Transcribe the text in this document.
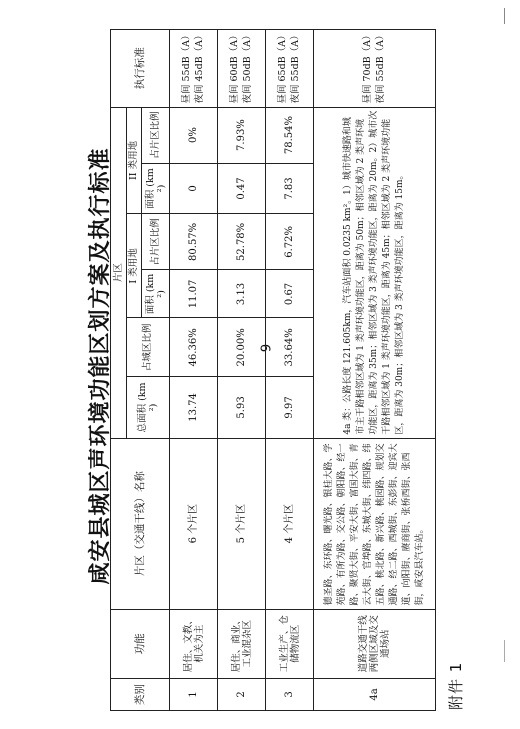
－ 6 －
附件 1
咸安县城区声环境功能区划方案及执行标准
类别	功能	片区（交通干线）名称	片区						执行标准
			总面积 (km²)	占城区比例	I 类用地		II 类用地		
					面积 (km²)	占片区比例	面积 (km²)	占片区比例	
1	居住、文教、机关为主	6 个片区	13.74	46.36%	11.07	80.57%	0	0%	昼间 55dB（A）夜间 45dB（A）
2	居住、商业、工业混杂区	5 个片区	5.93	20.00%	3.13	52.78%	0.47	7.93%	昼间 60dB（A）夜间 50dB（A）
3	工业生产、仓储物流区	4 个片区	9.97	33.64%	0.67	6.72%	7.83	78.54%	昼间 65dB（A）夜间 55dB（A）
4a	道路交通干线两侧区域及交通场站	德圣路、东环路、曙光路、银桂大路、学苑路、有所为路、交公路、朝阳路、经一路、聚贤大街、平安大街、富国大街、青云大街、官埠路、东城大街、纬四路、纬五路、桃北路、新兴路、桃园路、规划交通路、经二路、西城街、东彭街、迎宾大道、向阳街、赓商街、张桥西街、张西街，咸安县汽车站。	4a 类：公路长度 121.605km，汽车站面积 0.0235 km²。1）城市快速路和城市主干路相邻区域为 1 类声环境功能区，距离为 50m；相邻区域为 2 类声环境功能区，距离为 35m；相邻区域为 3 类声环境功能区，距离为 20m。2）城市次干路相邻区域为 1 类声环境功能区，距离为 45m；相邻区域为 2 类声环境功能区，距离为 30m；相邻区域为 3 类声环境功能区，距离为 15m。						昼间 70dB（A）夜间 55dB（A）
